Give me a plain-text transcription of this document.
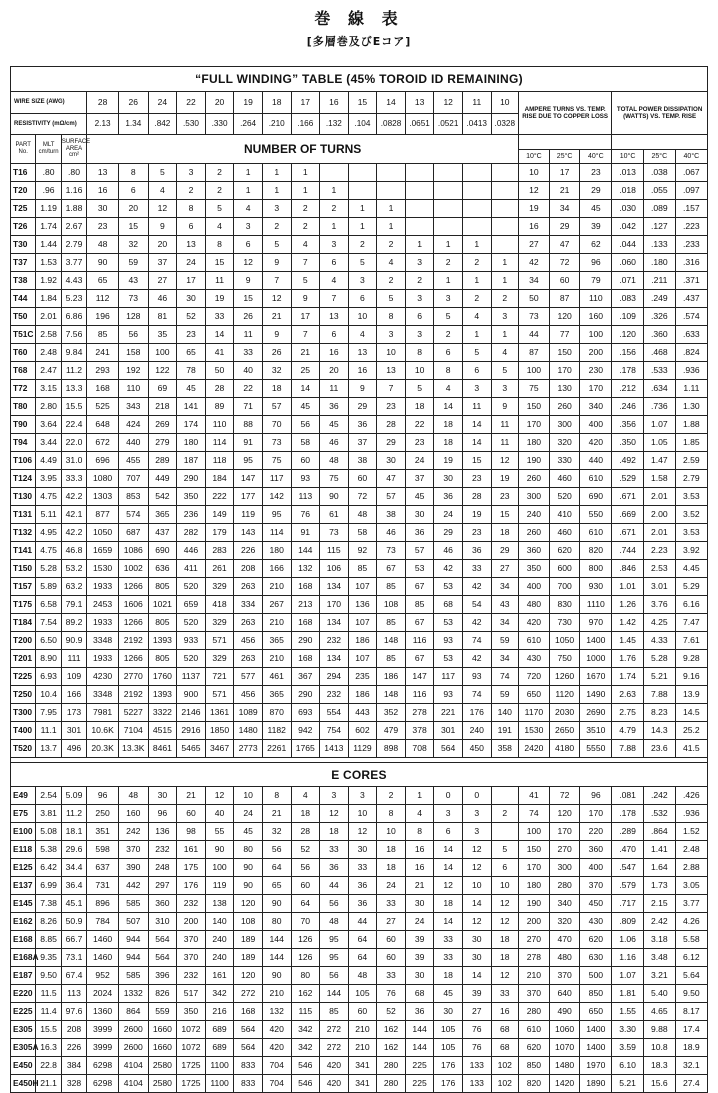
巻 線 表
[多層巻及びEコア]
“FULL WINDING” TABLE (45% TOROID ID REMAINING)																							
WIRE SIZE (AWG)			28	26	24	22	20	19	18	17	16	15	14	13	12	11	10	AMPERE TURNS VS. TEMP. RISE DUE TO COPPER LOSS			TOTAL POWER DISSIPATION (WATTS) VS. TEMP. RISE		
RESISTIVITY (mΩ/cm)			2.13	1.34	.842	.530	.330	.264	.210	.166	.132	.104	.0828	.0651	.0521	.0413	.0328						
PART No.	MLT cm/turn	SURFACE AREA cm²	NUMBER OF TURNS																				
																		10°C	25°C	40°C	10°C	25°C	40°C
T16	.80	.80	13	8	5	3	2	1	1	1								10	17	23	.013	.038	.067
T20	.96	1.16	16	6	4	2	2	1	1	1	1							12	21	29	.018	.055	.097
T25	1.19	1.88	30	20	12	8	5	4	3	2	2	1	1					19	34	45	.030	.089	.157
T26	1.74	2.67	23	15	9	6	4	3	2	2	1	1	1					16	29	39	.042	.127	.223
T30	1.44	2.79	48	32	20	13	8	6	5	4	3	2	2	1	1	1		27	47	62	.044	.133	.233
T37	1.53	3.77	90	59	37	24	15	12	9	7	6	5	4	3	2	2	1	42	72	96	.060	.180	.316
T38	1.92	4.43	65	43	27	17	11	9	7	5	4	3	2	2	1	1	1	34	60	79	.071	.211	.371
T44	1.84	5.23	112	73	46	30	19	15	12	9	7	6	5	3	3	2	2	50	87	110	.083	.249	.437
T50	2.01	6.86	196	128	81	52	33	26	21	17	13	10	8	6	5	4	3	73	120	160	.109	.326	.574
T51C	2.58	7.56	85	56	35	23	14	11	9	7	6	4	3	3	2	1	1	44	77	100	.120	.360	.633
T60	2.48	9.84	241	158	100	65	41	33	26	21	16	13	10	8	6	5	4	87	150	200	.156	.468	.824
T68	2.47	11.2	293	192	122	78	50	40	32	25	20	16	13	10	8	6	5	100	170	230	.178	.533	.936
T72	3.15	13.3	168	110	69	45	28	22	18	14	11	9	7	5	4	3	3	75	130	170	.212	.634	1.11
T80	2.80	15.5	525	343	218	141	89	71	57	45	36	29	23	18	14	11	9	150	260	340	.246	.736	1.30
T90	3.64	22.4	648	424	269	174	110	88	70	56	45	36	28	22	18	14	11	170	300	400	.356	1.07	1.88
T94	3.44	22.0	672	440	279	180	114	91	73	58	46	37	29	23	18	14	11	180	320	420	.350	1.05	1.85
T106	4.49	31.0	696	455	289	187	118	95	75	60	48	38	30	24	19	15	12	190	330	440	.492	1.47	2.59
T124	3.95	33.3	1080	707	449	290	184	147	117	93	75	60	47	37	30	23	19	260	460	610	.529	1.58	2.79
T130	4.75	42.2	1303	853	542	350	222	177	142	113	90	72	57	45	36	28	23	300	520	690	.671	2.01	3.53
T131	5.11	42.1	877	574	365	236	149	119	95	76	61	48	38	30	24	19	15	240	410	550	.669	2.00	3.52
T132	4.95	42.2	1050	687	437	282	179	143	114	91	73	58	46	36	29	23	18	260	460	610	.671	2.01	3.53
T141	4.75	46.8	1659	1086	690	446	283	226	180	144	115	92	73	57	46	36	29	360	620	820	.744	2.23	3.92
T150	5.28	53.2	1530	1002	636	411	261	208	166	132	106	85	67	53	42	33	27	350	600	800	.846	2.53	4.45
T157	5.89	63.2	1933	1266	805	520	329	263	210	168	134	107	85	67	53	42	34	400	700	930	1.01	3.01	5.29
T175	6.58	79.1	2453	1606	1021	659	418	334	267	213	170	136	108	85	68	54	43	480	830	1110	1.26	3.76	6.16
T184	7.54	89.2	1933	1266	805	520	329	263	210	168	134	107	85	67	53	42	34	420	730	970	1.42	4.25	7.47
T200	6.50	90.9	3348	2192	1393	933	571	456	365	290	232	186	148	116	93	74	59	610	1050	1400	1.45	4.33	7.61
T201	8.90	111	1933	1266	805	520	329	263	210	168	134	107	85	67	53	42	34	430	750	1000	1.76	5.28	9.28
T225	6.93	109	4230	2770	1760	1137	721	577	461	367	294	235	186	147	117	93	74	720	1260	1670	1.74	5.21	9.16
T250	10.4	166	3348	2192	1393	900	571	456	365	290	232	186	148	116	93	74	59	650	1120	1490	2.63	7.88	13.9
T300	7.95	173	7981	5227	3322	2146	1361	1089	870	693	554	443	352	278	221	176	140	1170	2030	2690	2.75	8.23	14.5
T400	11.1	301	10.6K	7104	4515	2916	1850	1480	1182	942	754	602	479	378	301	240	191	1530	2650	3510	4.79	14.3	25.2
T520	13.7	496	20.3K	13.3K	8461	5465	3467	2773	2261	1765	1413	1129	898	708	564	450	358	2420	4180	5550	7.88	23.6	41.5

E CORES																							
E49	2.54	5.09	96	48	30	21	12	10	8	4	3	3	2	1	0	0		41	72	96	.081	.242	.426
E75	3.81	11.2	250	160	96	60	40	24	21	18	12	10	8	4	3	3	2	74	120	170	.178	.532	.936
E100	5.08	18.1	351	242	136	98	55	45	32	28	18	12	10	8	6	3		100	170	220	.289	.864	1.52
E118	5.38	29.6	598	370	232	161	90	80	56	52	33	30	18	16	14	12	5	150	270	360	.470	1.41	2.48
E125	6.42	34.4	637	390	248	175	100	90	64	56	36	33	18	16	14	12	6	170	300	400	.547	1.64	2.88
E137	6.99	36.4	731	442	297	176	119	90	65	60	44	36	24	21	12	10	10	180	280	370	.579	1.73	3.05
E145	7.38	45.1	896	585	360	232	138	120	90	64	56	36	33	30	18	14	12	190	340	450	.717	2.15	3.77
E162	8.26	50.9	784	507	310	200	140	108	80	70	48	44	27	24	14	12	12	200	320	430	.809	2.42	4.26
E168	8.85	66.7	1460	944	564	370	240	189	144	126	95	64	60	39	33	30	18	270	470	620	1.06	3.18	5.58
E168A	9.35	73.1	1460	944	564	370	240	189	144	126	95	64	60	39	33	30	18	278	480	630	1.16	3.48	6.12
E187	9.50	67.4	952	585	396	232	161	120	90	80	56	48	33	30	18	14	12	210	370	500	1.07	3.21	5.64
E220	11.5	113	2024	1332	826	517	342	272	210	162	144	105	76	68	45	39	33	370	640	850	1.81	5.40	9.50
E225	11.4	97.6	1360	864	559	350	216	168	132	115	85	60	52	36	30	27	16	280	490	650	1.55	4.65	8.17
E305	15.5	208	3999	2600	1660	1072	689	564	420	342	272	210	162	144	105	76	68	610	1060	1400	3.30	9.88	17.4
E305A	16.3	226	3999	2600	1660	1072	689	564	420	342	272	210	162	144	105	76	68	620	1070	1400	3.59	10.8	18.9
E450	22.8	384	6298	4104	2580	1725	1100	833	704	546	420	341	280	225	176	133	102	850	1480	1970	6.10	18.3	32.1
E450H	21.1	328	6298	4104	2580	1725	1100	833	704	546	420	341	280	225	176	133	102	820	1420	1890	5.21	15.6	27.4
